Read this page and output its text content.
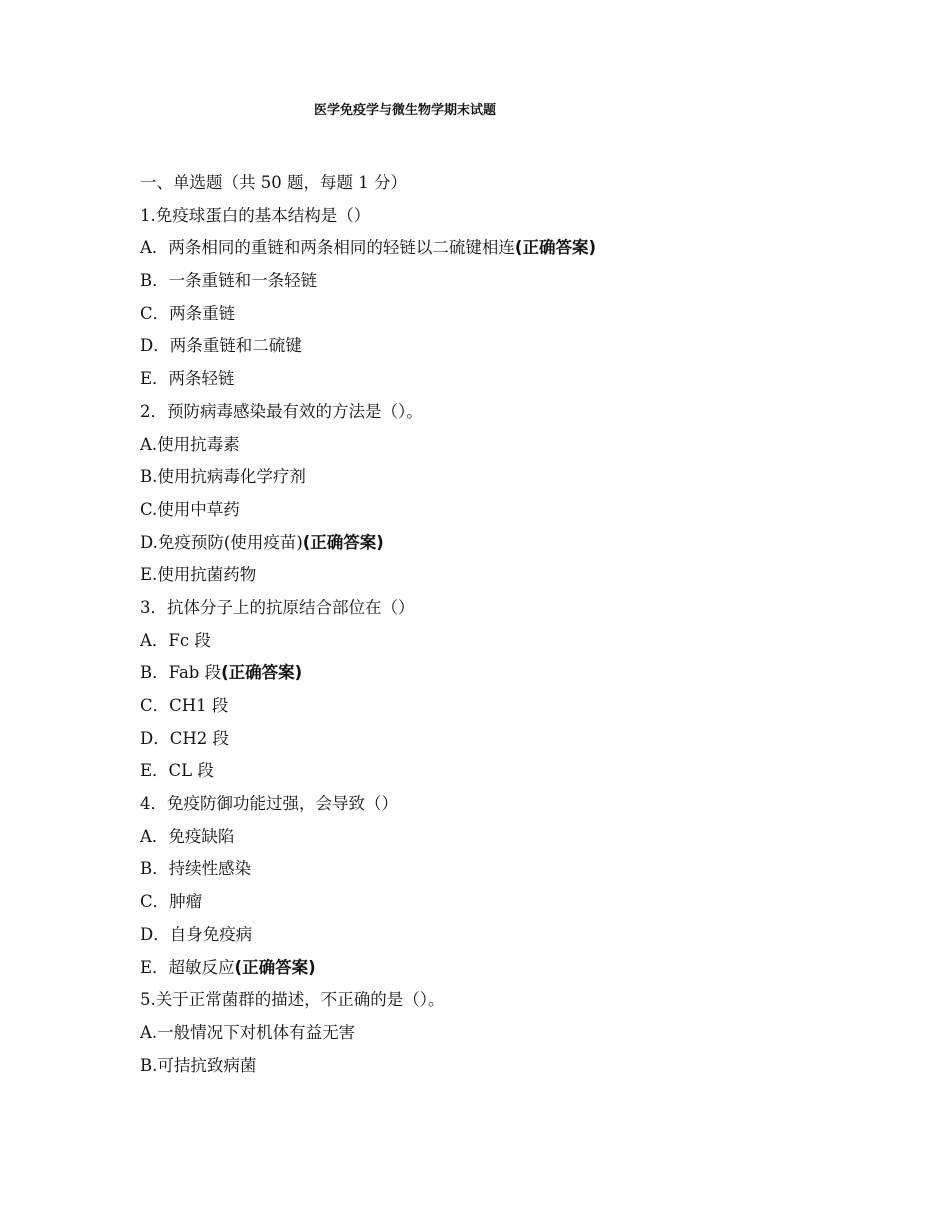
医学免疫学与微生物学期末试题
一、单选题（共 50 题，每题 1 分）
1.免疫球蛋白的基本结构是（）
A．两条相同的重链和两条相同的轻链以二硫键相连(正确答案)
B．一条重链和一条轻链
C．两条重链
D．两条重链和二硫键
E．两条轻链
2．预防病毒感染最有效的方法是（）。
A.使用抗毒素
B.使用抗病毒化学疗剂
C.使用中草药
D.免疫预防(使用疫苗)(正确答案)
E.使用抗菌药物
3．抗体分子上的抗原结合部位在（）
A．Fc 段
B．Fab 段(正确答案)
C．CH1 段
D．CH2 段
E．CL 段
4．免疫防御功能过强，会导致（）
A．免疫缺陷
B．持续性感染
C．肿瘤
D．自身免疫病
E．超敏反应(正确答案)
5.关于正常菌群的描述，不正确的是（）。
A.一般情况下对机体有益无害
B.可拮抗致病菌
